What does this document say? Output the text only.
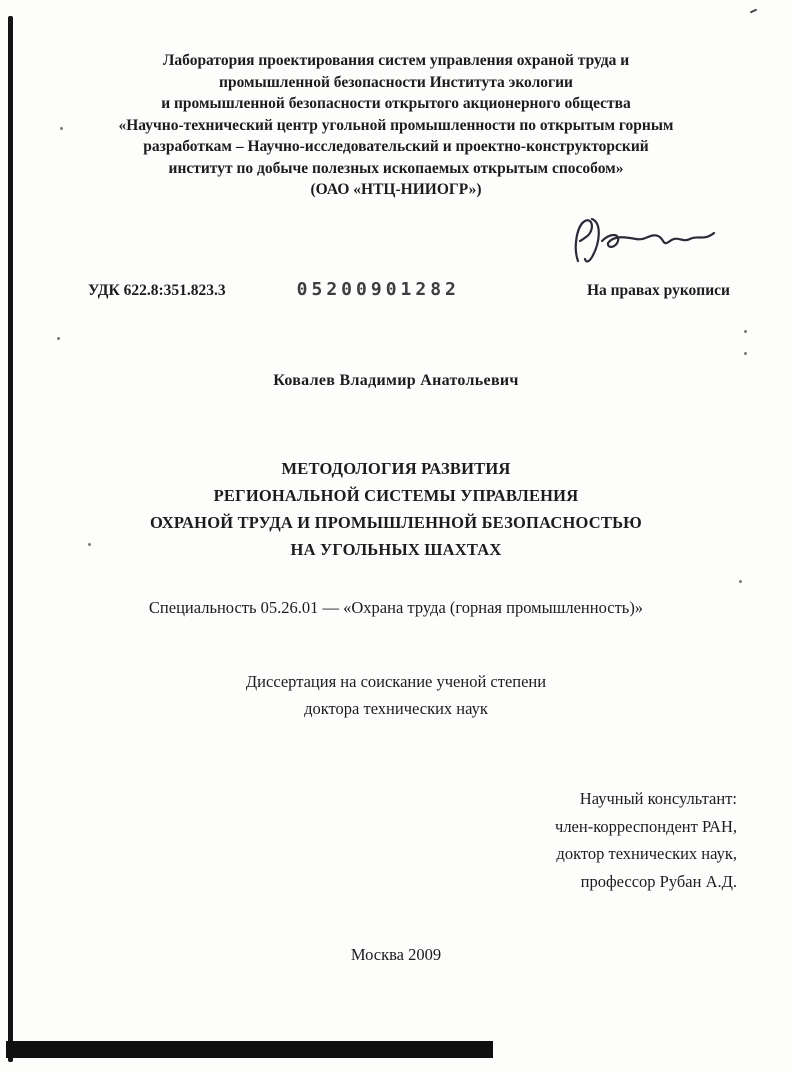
Лаборатория проектирования систем управления охраной труда и
промышленной безопасности Института экологии
и промышленной безопасности открытого акционерного общества
«Научно-технический центр угольной промышленности по открытым горным
разработкам – Научно-исследовательский и проектно-конструкторский
институт по добыче полезных ископаемых открытым способом»
(ОАО «НТЦ-НИИОГР»)
УДК 622.8:351.823.3	05200901282	На правах рукописи
Ковалев Владимир Анатольевич
МЕТОДОЛОГИЯ РАЗВИТИЯ
РЕГИОНАЛЬНОЙ СИСТЕМЫ УПРАВЛЕНИЯ
ОХРАНОЙ ТРУДА И ПРОМЫШЛЕННОЙ БЕЗОПАСНОСТЬЮ
НА УГОЛЬНЫХ ШАХТАХ
Специальность 05.26.01 — «Охрана труда (горная промышленность)»
Диссертация на соискание ученой степени
доктора технических наук
Научный консультант:
член-корреспондент РАН,
доктор технических наук,
профессор Рубан А.Д.
Москва 2009
